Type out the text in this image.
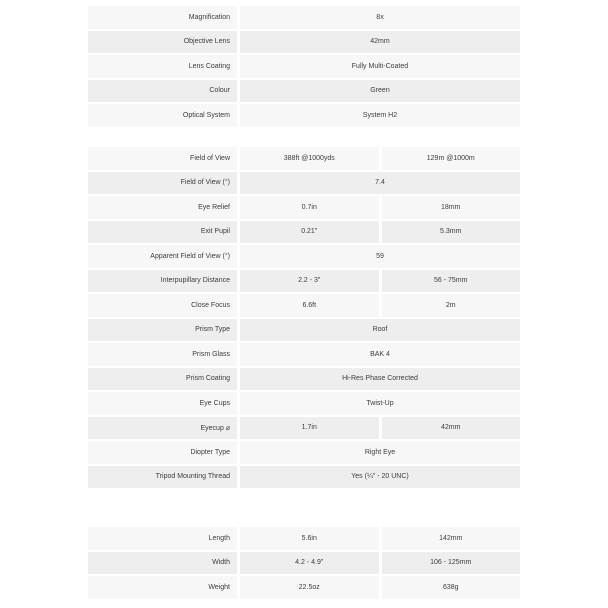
Magnification	8x
Objective Lens	42mm
Lens Coating	Fully Multi-Coated
Colour	Green
Optical System	System H2
Field of View	388ft @1000yds	129m @1000m
Field of View (°)	7.4
Eye Relief	0.7in	18mm
Exit Pupil	0.21"	5.3mm
Apparent Field of View (°)	59
Interpupillary Distance	2.2 - 3"	56 - 75mm
Close Focus	6.6ft	2m
Prism Type	Roof
Prism Glass	BAK 4
Prism Coating	Hi-Res Phase Corrected
Eye Cups	Twist-Up
Eyecup ⌀	1.7in	42mm
Diopter Type	Right Eye
Tripod Mounting Thread	Yes (¼" - 20 UNC)
Length	5.6in	142mm
Width	4.2 - 4.9"	106 - 125mm
Weight	22.5oz	638g
